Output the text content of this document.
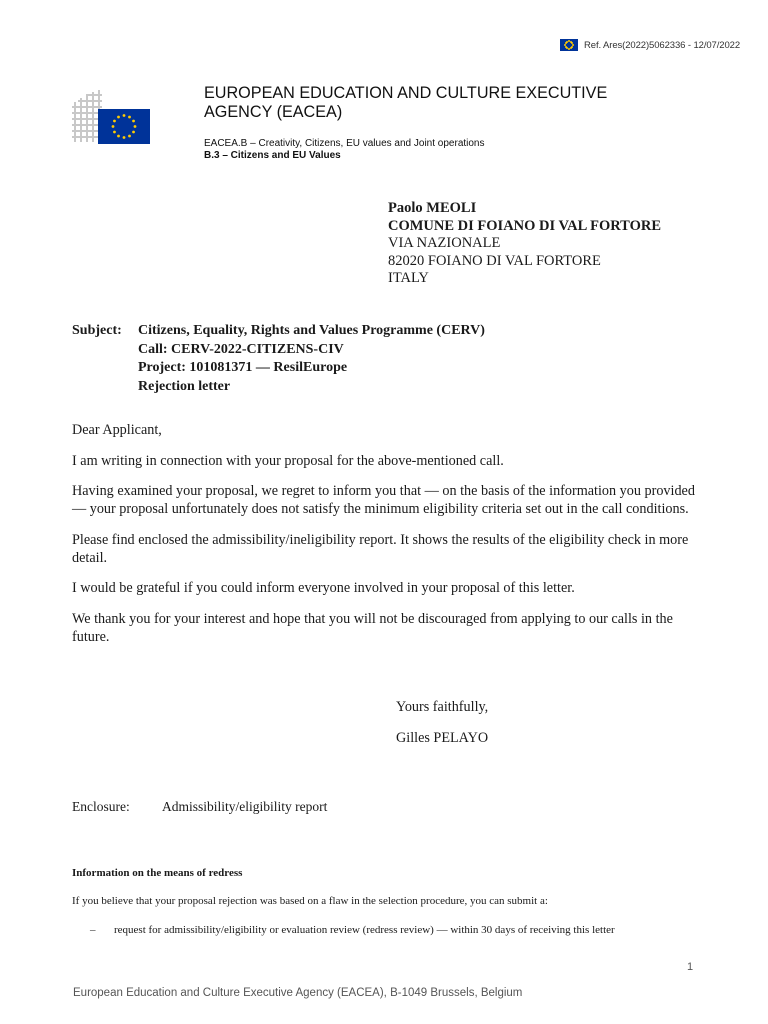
Ref. Ares(2022)5062336 - 12/07/2022
EUROPEAN EDUCATION AND CULTURE EXECUTIVE
AGENCY (EACEA)
EACEA.B – Creativity, Citizens, EU values and Joint operations
B.3 – Citizens and EU Values
Paolo MEOLI
COMUNE DI FOIANO DI VAL FORTORE
VIA NAZIONALE
82020 FOIANO DI VAL FORTORE
ITALY
Subject: Citizens, Equality, Rights and Values Programme (CERV)
Call: CERV-2022-CITIZENS-CIV
Project: 101081371 — ResilEurope
Rejection letter

Dear Applicant,

I am writing in connection with your proposal for the above-mentioned call.

Having examined your proposal, we regret to inform you that — on the basis of the information you provided — your proposal unfortunately does not satisfy the minimum eligibility criteria set out in the call conditions.

Please find enclosed the admissibility/ineligibility report. It shows the results of the eligibility check in more detail.

I would be grateful if you could inform everyone involved in your proposal of this letter.

We thank you for your interest and hope that you will not be discouraged from applying to our calls in the future.

Yours faithfully,
Gilles PELAYO
Enclosure: Admissibility/eligibility report
Information on the means of redress
If you believe that your proposal rejection was based on a flaw in the selection procedure, you can submit a:
– request for admissibility/eligibility or evaluation review (redress review) — within 30 days of receiving this letter
1
European Education and Culture Executive Agency (EACEA), B-1049 Brussels, Belgium
